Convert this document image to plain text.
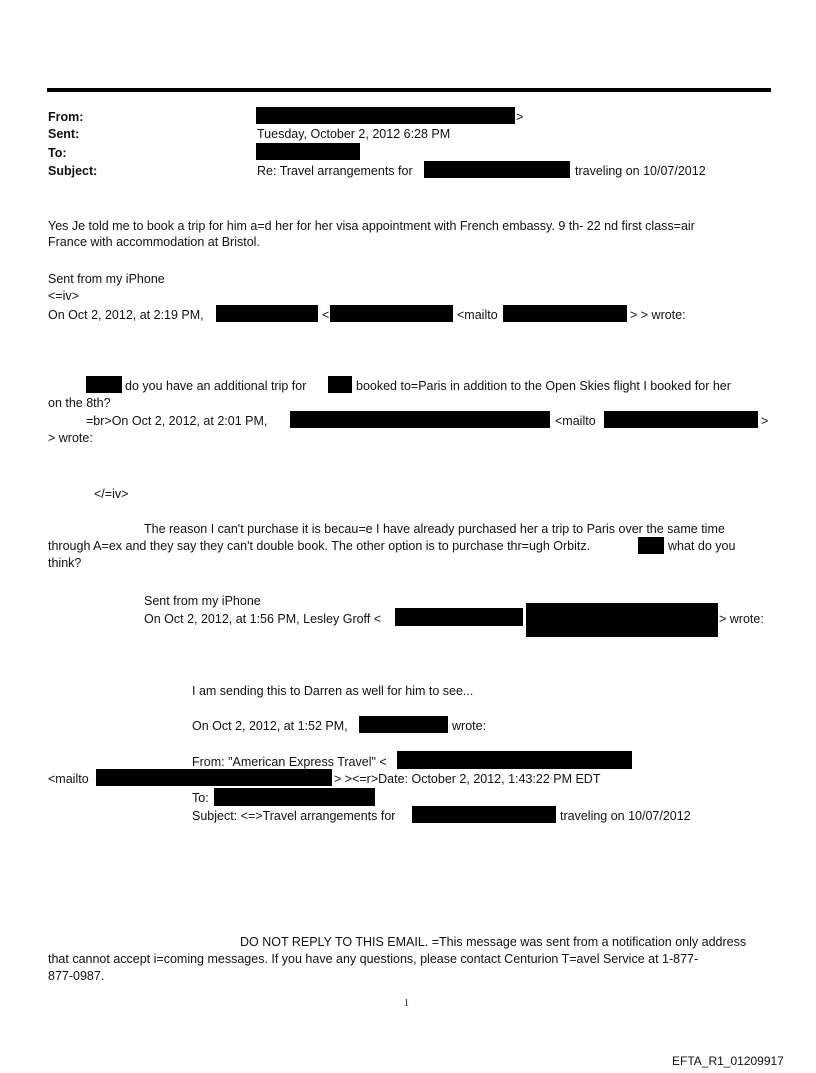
From:	>
Sent:	Tuesday, October 2, 2012 6:28 PM
To:
Subject:	Re: Travel arrangements for	traveling on 10/07/2012
Yes Je told me to book a trip for him a=d her for her visa appointment with French embassy. 9 th- 22 nd first class=air
France with accommodation at Bristol.
Sent from my iPhone
<=iv>
On Oct 2, 2012, at 2:19 PM,	<	<mailto	> > wrote:
do you have an additional trip for	booked to=Paris in addition to the Open Skies flight I booked for her
on the 8th?
=br>On Oct 2, 2012, at 2:01 PM,	<mailto	>
> wrote:
</=iv>
The reason I can't purchase it is becau=e I have already purchased her a trip to Paris over the same time
through A=ex and they say they can't double book. The other option is to purchase thr=ugh Orbitz.	what do you
think?
Sent from my iPhone
On Oct 2, 2012, at 1:56 PM, Lesley Groff <	> wrote:
I am sending this to Darren as well for him to see...
On Oct 2, 2012, at 1:52 PM,	wrote:
From: "American Express Travel" <
<mailto	> ><=r>Date: October 2, 2012, 1:43:22 PM EDT
To:
Subject: <=>Travel arrangements for	traveling on 10/07/2012
DO NOT REPLY TO THIS EMAIL. =This message was sent from a notification only address
that cannot accept i=coming messages. If you have any questions, please contact Centurion T=avel Service at 1-877-
877-0987.
1
EFTA_R1_01209917
